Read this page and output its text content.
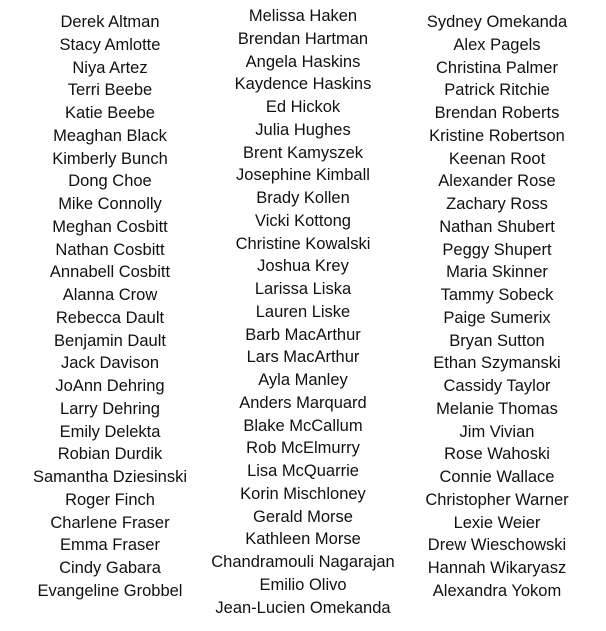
Derek Altman
Stacy Amlotte
Niya Artez
Terri Beebe
Katie Beebe
Meaghan Black
Kimberly Bunch
Dong Choe
Mike Connolly
Meghan Cosbitt
Nathan Cosbitt
Annabell Cosbitt
Alanna Crow
Rebecca Dault
Benjamin Dault
Jack Davison
JoAnn Dehring
Larry Dehring
Emily Delekta
Robian Durdik
Samantha Dziesinski
Roger Finch
Charlene Fraser
Emma Fraser
Cindy Gabara
Evangeline Grobbel
Melissa Haken
Brendan Hartman
Angela Haskins
Kaydence Haskins
Ed Hickok
Julia Hughes
Brent Kamyszek
Josephine Kimball
Brady Kollen
Vicki Kottong
Christine Kowalski
Joshua Krey
Larissa Liska
Lauren Liske
Barb MacArthur
Lars MacArthur
Ayla Manley
Anders Marquard
Blake McCallum
Rob McElmurry
Lisa McQuarrie
Korin Mischloney
Gerald Morse
Kathleen Morse
Chandramouli Nagarajan
Emilio Olivo
Jean-Lucien Omekanda
Sydney Omekanda
Alex Pagels
Christina Palmer
Patrick Ritchie
Brendan Roberts
Kristine Robertson
Keenan Root
Alexander Rose
Zachary Ross
Nathan Shubert
Peggy Shupert
Maria Skinner
Tammy Sobeck
Paige Sumerix
Bryan Sutton
Ethan Szymanski
Cassidy Taylor
Melanie Thomas
Jim Vivian
Rose Wahoski
Connie Wallace
Christopher Warner
Lexie Weier
Drew Wieschowski
Hannah Wikaryasz
Alexandra Yokom
